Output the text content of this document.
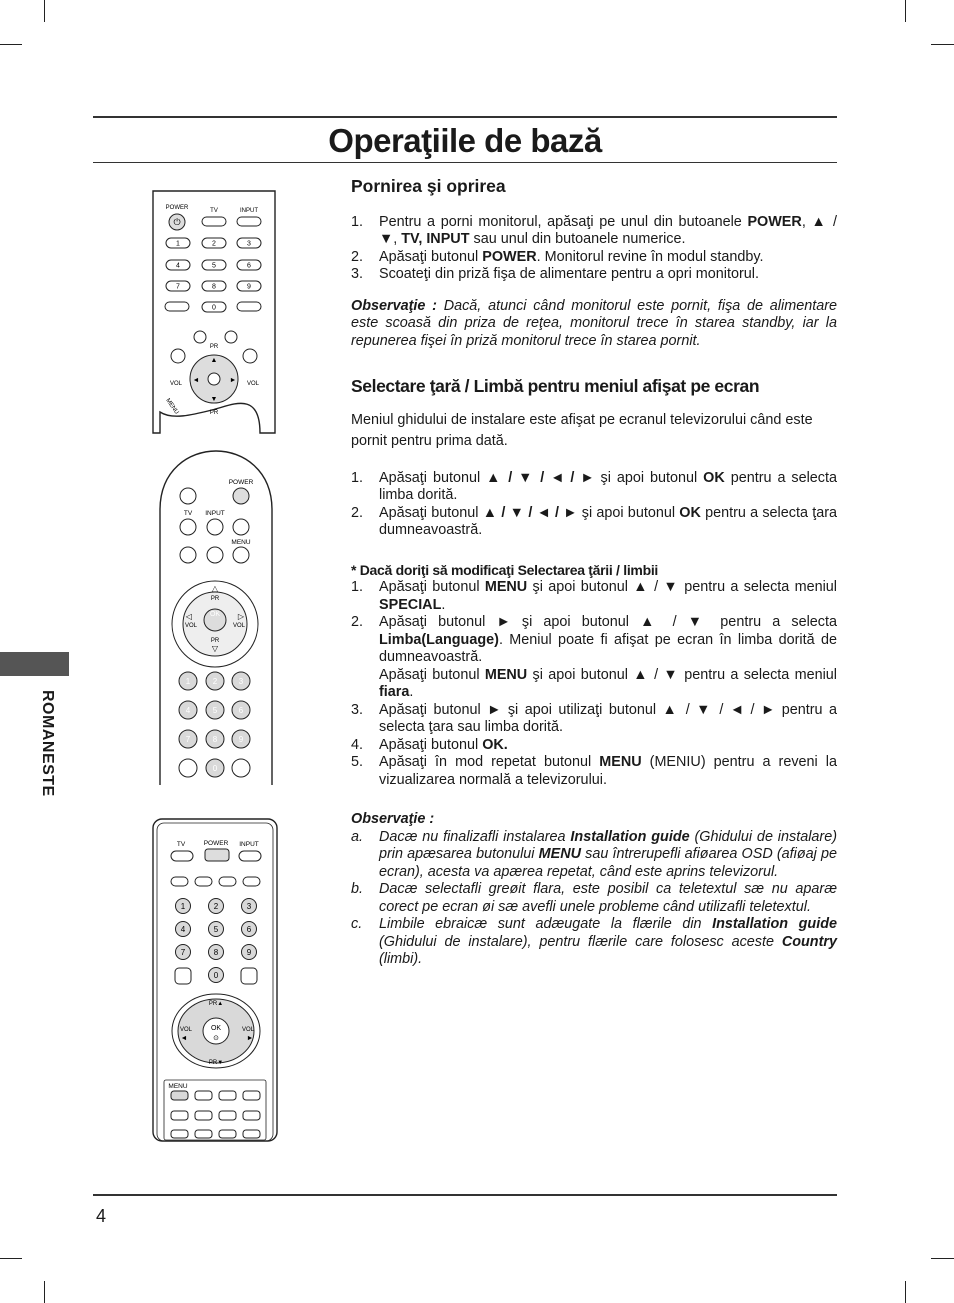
Operaţiile de bază
ROMANESTE
POWER	TV	INPUT
⏻
1	2	3
4	5	6
7	8	9
0
PR
▲
▼
◄	►
VOL	VOL
PR
MENU
POWER
TV INPUT
MENU
OK
△
PR
◁	▷
VOL	VOL
PR
▽
1	2	3
4	5	6
7	8	9
0
TV	POWER INPUT
1	2	3
4	5	6
7	8	9
0
OK
⊙
PR▲
PR▼
VOL
◄
VOL
►
MENU
Pornirea şi oprirea
1.	Pentru a porni monitorul, apăsaţi pe unul din butoanele POWER, ▲ / ▼, TV, INPUT sau unul din butoanele numerice.
2.	Apăsaţi butonul POWER. Monitorul revine în modul standby.
3.	Scoateţi din priză fişa de alimentare pentru a opri monitorul.

Observaţie : Dacă, atunci când monitorul este pornit, fişa de alimentare este scoasă din priza de reţea, monitorul trece în starea standby, iar la repunerea fişei în priză monitorul trece în starea pornit.

Selectare ţară / Limbă pentru meniul afişat pe ecran

Meniul ghidului de instalare este afişat pe ecranul televizorului când este pornit pentru prima dată.

1.	Apăsaţi butonul ▲ / ▼ / ◄ / ► şi apoi butonul OK pentru a selecta limba dorită.
2.	Apăsaţi butonul ▲ / ▼ / ◄ / ► şi apoi butonul OK pentru a selecta ţara dumneavoastră.
* Dacă doriţi să modificaţi Selectarea ţării / limbii
1.	Apăsaţi butonul MENU şi apoi butonul ▲ / ▼ pentru a selecta meniul SPECIAL.
2.	Apăsaţi butonul ► şi apoi butonul ▲ / ▼ pentru a selecta Limba(Language). Meniul poate fi afişat pe ecran în limba dorită de dumneavoastră.
Apăsaţi butonul MENU şi apoi butonul ▲ / ▼ pentru a selecta meniul fiara.
3.	Apăsaţi butonul ► şi apoi utilizaţi butonul ▲ / ▼ / ◄ / ► pentru a selecta ţara sau limba dorită.
4.	Apăsaţi butonul OK.
5.	Apăsaţi în mod repetat butonul MENU (MENIU) pentru a reveni la vizualizarea normală a televizorului.
Observaţie :
a.	Dacæ nu finalizafli instalarea Installation guide (Ghidului de instalare) prin apæsarea butonului MENU sau întrerupefli afiøarea OSD (afiøaj pe ecran), acesta va apærea repetat, când este aprins televizorul.
b.	Dacæ selectafli greøit flara, este posibil ca teletextul sæ nu aparæ corect pe ecran øi sæ avefli unele probleme când utilizafli teletextul.
c.	Limbile ebraicæ sunt adæugate la flærile din Installation guide (Ghidului de instalare), pentru flærile care folosesc aceste Country (limbi).
4
